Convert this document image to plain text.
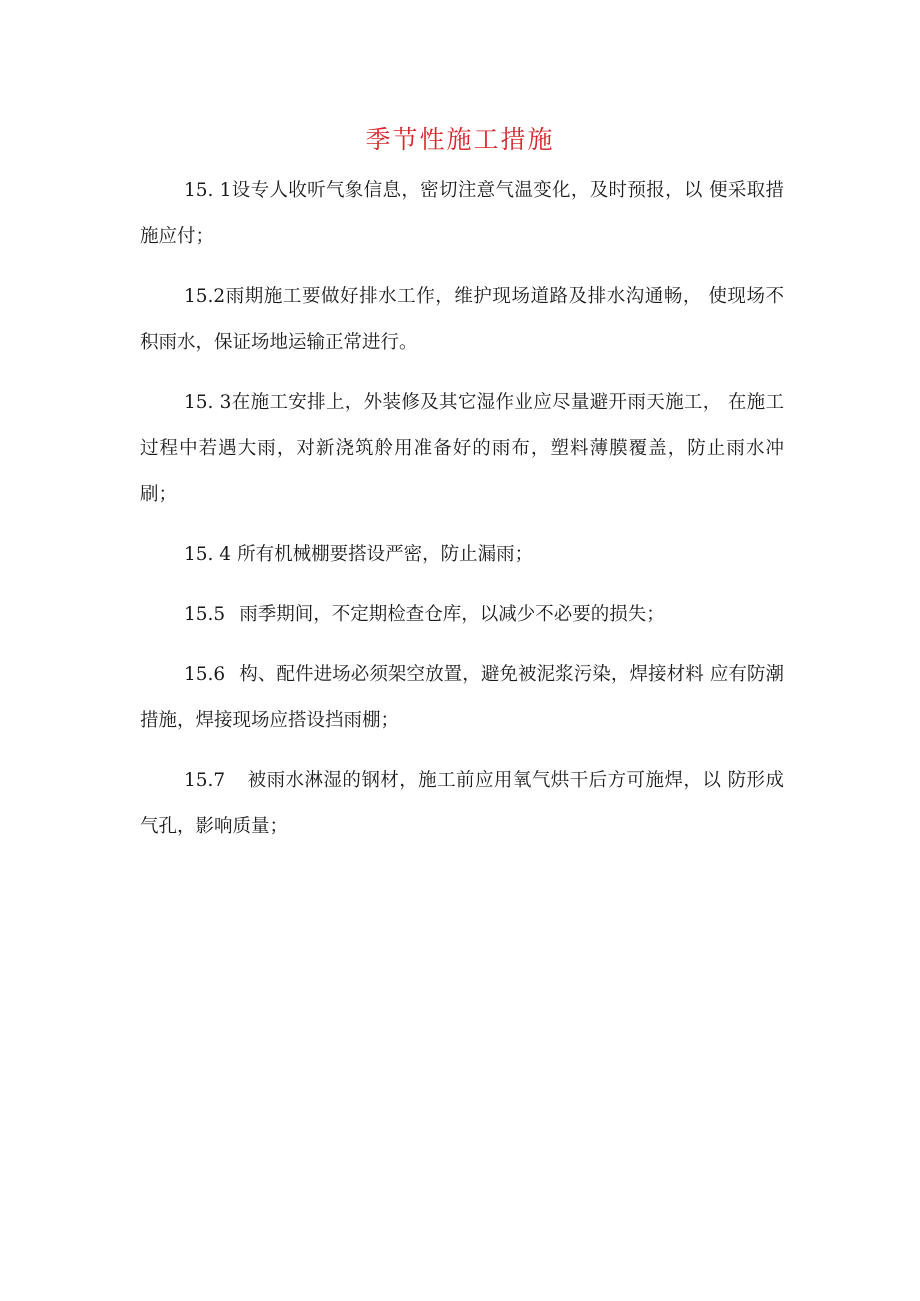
季节性施工措施

15. 1设专人收听气象信息，密切注意气温变化，及时预报，以 便采取措施应付；

15.2雨期施工要做好排水工作，维护现场道路及排水沟通畅， 使现场不积雨水，保证场地运输正常进行。

15. 3在施工安排上，外装修及其它湿作业应尽量避开雨天施工， 在施工过程中若遇大雨，对新浇筑舲用准备好的雨布，塑料薄膜覆盖，防止雨水冲刷；

15. 4 所有机械棚要搭设严密，防止漏雨；

15.5 雨季期间，不定期检查仓库，以减少不必要的损失；

15.6 构、配件进场必须架空放置，避免被泥浆污染，焊接材料 应有防潮措施，焊接现场应搭设挡雨棚；

15.7 被雨水淋湿的钢材，施工前应用氧气烘干后方可施焊，以 防形成气孔，影响质量；
